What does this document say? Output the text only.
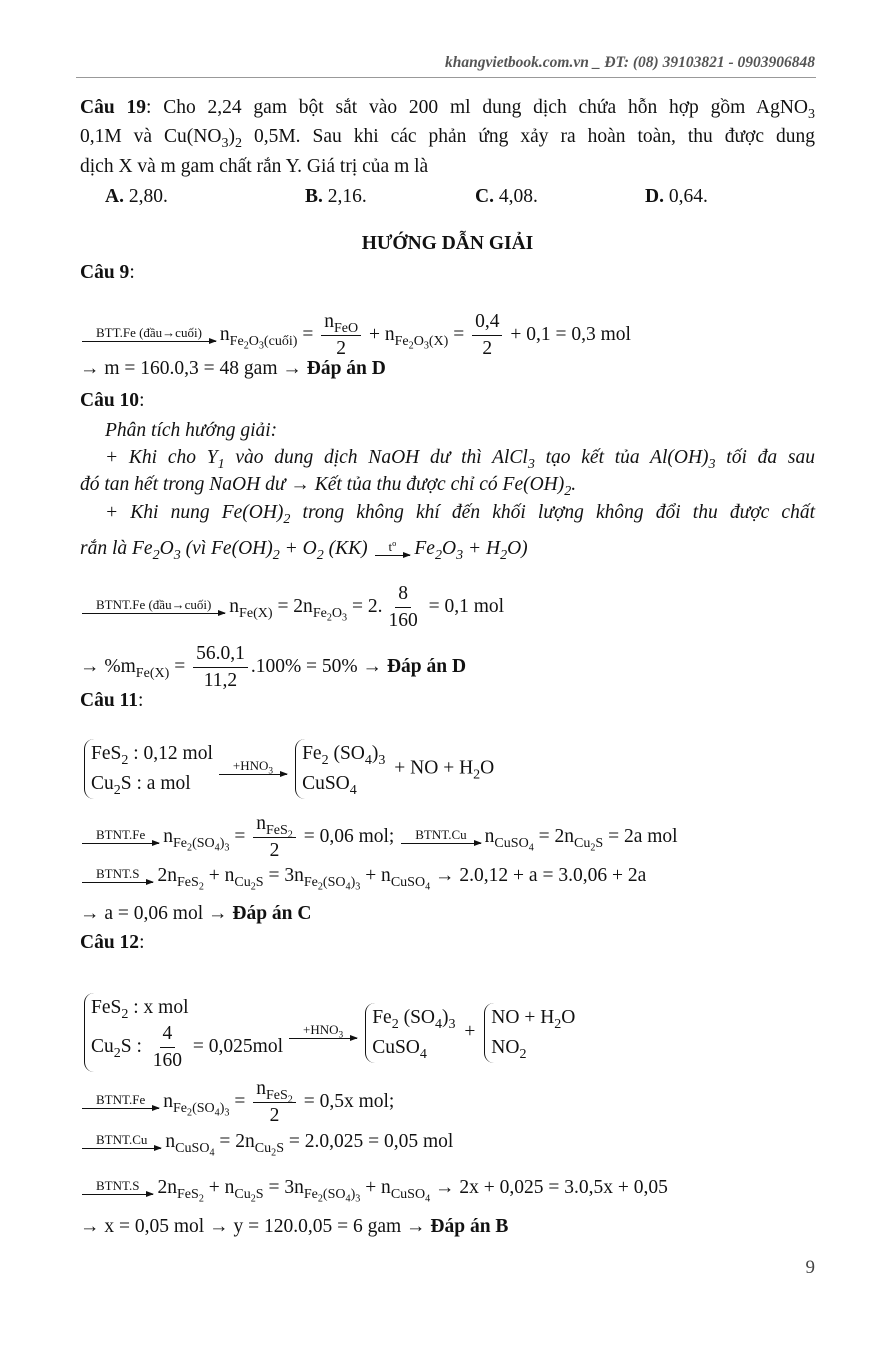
khangvietbook.com.vn _ ĐT: (08) 39103821 - 0903906848
Câu 19: Cho 2,24 gam bột sắt vào 200 ml dung dịch chứa hỗn hợp gồm AgNO$_3$
0,1M và $Cu(NO_3)_2$ 0,5M. Sau khi các phản ứng xảy ra hoàn toàn, thu được dung
dịch X và m gam chất rắn Y. Giá trị của m là
A. 2,80.	B. 2,16.	C. 4,08.	D. 0,64.
HƯỚNG DẪN GIẢI
Câu 9:
BTT.Fe (đầu→cuối) $n_{Fe_2O_3(cuối)} = \frac{n_{FeO}}{2} + n_{Fe_2O_3(X)} = \frac{0,4}{2} + 0,1 = 0,3$ mol
→ m = 160.0,3 = 48 gam → Đáp án D
Câu 10:
Phân tích hướng giải:
+ Khi cho $Y_1$ vào dung dịch NaOH dư thì AlCl$_3$ tạo kết tủa $Al(OH)_3$ tối đa sau
đó tan hết trong NaOH dư → Kết tủa thu được chỉ có $Fe(OH)_2$.
+ Khi nung $Fe(OH)_2$ trong không khí đến khối lượng không đổi thu được chất
rắn là $Fe_2O_3$ (vì $Fe(OH)_2 + O_2$ (KK)	$t^o$ $Fe_2O_3 + H_2O$)
BTNT.Fe (đầu→cuối) $n_{Fe(X)} = 2n_{Fe_2O_3} = 2$. $\frac{8}{160} = 0,1$ mol
→ $\%m_{Fe(X)} = \frac{56.0,1}{11,2} .100\% = 50\%$ → Đáp án D
Câu 11:
FeS$_2$ : 0,12 mol
$Cu_2S$ : a mol
$+HNO_3$
$Fe_2$ $(SO_4)_3$
CuSO$_4$
+ NO + $H_2O$
BTNT.Fe $n_{Fe_2(SO_4)_3} = \frac{n_{FeS_2}}{2} = 0,06$ mol;	BTNT.Cu $n_{CuSO_4} = 2n_{Cu_2S} = 2a$ mol
BTNT.S $2n_{FeS_2} + n_{Cu_2S} = 3n_{Fe_2(SO_4)_3} + n_{CuSO_4} \to 2.0,12 + a = 3.0,06 + 2a$
→ a = 0,06 mol → Đáp án C
Câu 12:
FeS$_2$ : x mol
$Cu_2S$ : $\frac{4}{160} = 0,025mol$
$+HNO_3$
$Fe_2$ $(SO_4)_3$
CuSO$_4$
+
NO + $H_2O$
$NO_2$
BTNT.Fe $n_{Fe_2(SO_4)_3} = \frac{n_{FeS_2}}{2} = 0,5x$ mol;
BTNT.Cu $n_{CuSO_4} = 2n_{Cu_2S} = 2.0,025 = 0,05$ mol
BTNT.S $2n_{FeS_2} + n_{Cu_2S} = 3n_{Fe_2(SO_4)_3} + n_{CuSO_4} \to 2x + 0,025 = 3.0,5x + 0,05$
→ x = 0,05 mol → y = 120.0,05 = 6 gam → Đáp án B
9
